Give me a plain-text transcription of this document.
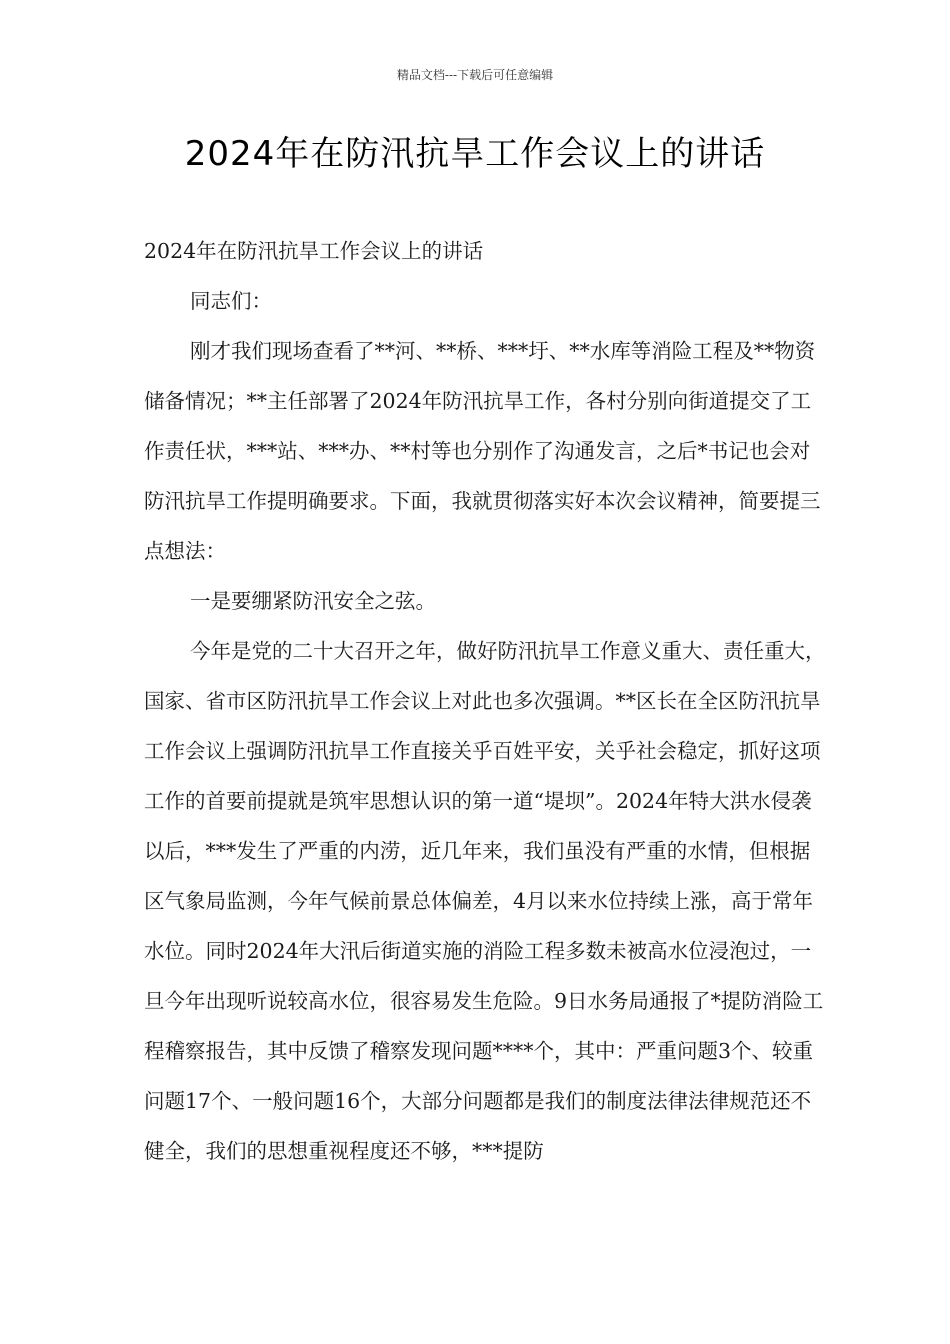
精品文档---下载后可任意编辑
2024年在防汛抗旱工作会议上的讲话

2024年在防汛抗旱工作会议上的讲话

同志们：

刚才我们现场查看了**河、**桥、***圩、**水库等消险工程及**物资储备情况；**主任部署了2024年防汛抗旱工作，各村分别向街道提交了工作责任状，***站、***办、**村等也分别作了沟通发言，之后*书记也会对防汛抗旱工作提明确要求。下面，我就贯彻落实好本次会议精神，简要提三点想法：

一是要绷紧防汛安全之弦。

今年是党的二十大召开之年，做好防汛抗旱工作意义重大、责任重大，国家、省市区防汛抗旱工作会议上对此也多次强调。**区长在全区防汛抗旱工作会议上强调防汛抗旱工作直接关乎百姓平安，关乎社会稳定，抓好这项工作的首要前提就是筑牢思想认识的第一道“堤坝”。2024年特大洪水侵袭以后，***发生了严重的内涝，近几年来，我们虽没有严重的水情，但根据区气象局监测，今年气候前景总体偏差，4月以来水位持续上涨，高于常年水位。同时2024年大汛后街道实施的消险工程多数未被高水位浸泡过，一旦今年出现听说较高水位，很容易发生危险。9日水务局通报了*提防消险工程稽察报告，其中反馈了稽察发现问题****个，其中：严重问题3个、较重问题17个、一般问题16个，大部分问题都是我们的制度法律法律规范还不健全，我们的思想重视程度还不够，***提防
